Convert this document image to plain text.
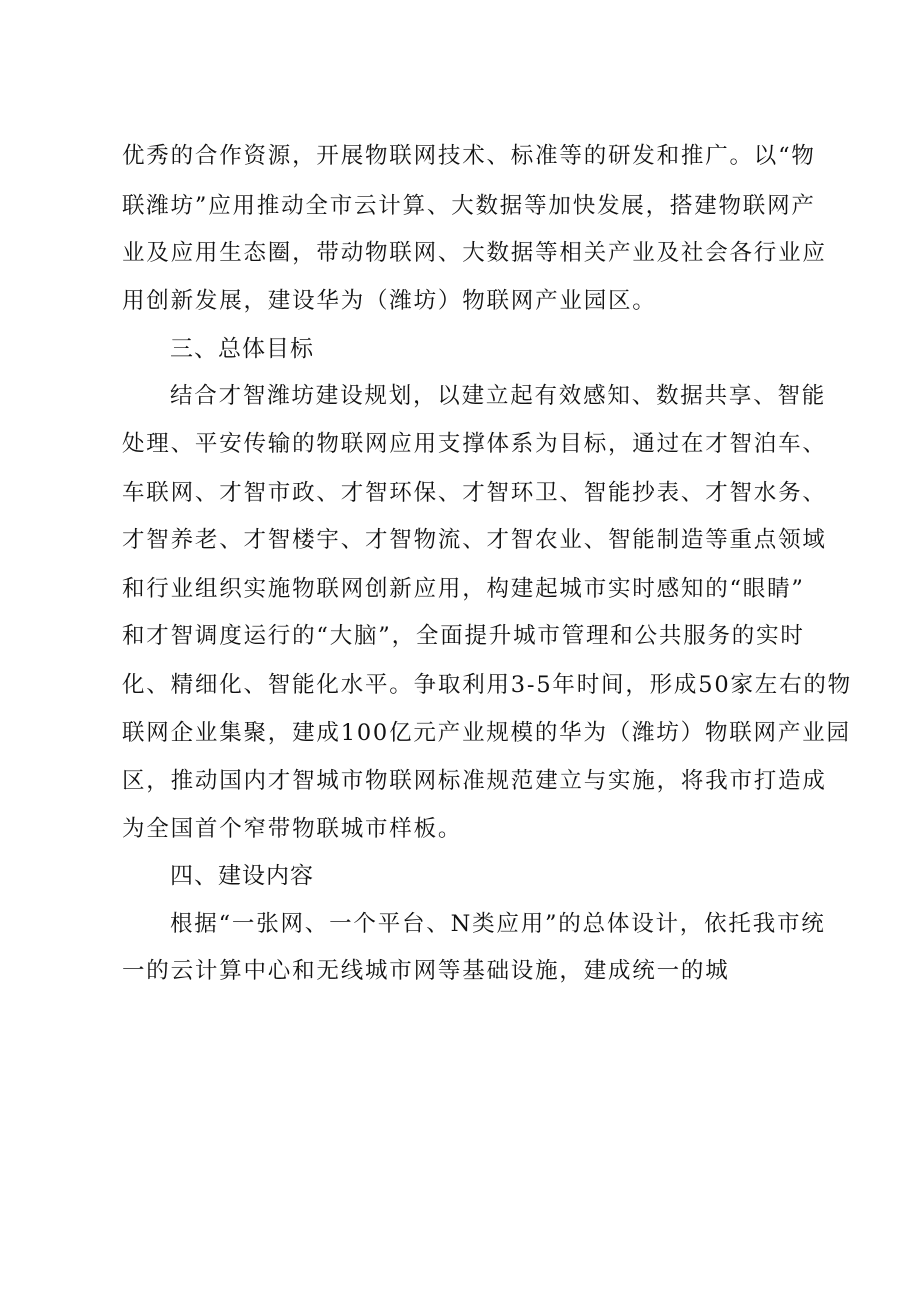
优秀的合作资源，开展物联网技术、标准等的研发和推广。以“物
联潍坊”应用推动全市云计算、大数据等加快发展，搭建物联网产
业及应用生态圈，带动物联网、大数据等相关产业及社会各行业应
用创新发展，建设华为（潍坊）物联网产业园区。
三、总体目标
结合才智潍坊建设规划，以建立起有效感知、数据共享、智能
处理、平安传输的物联网应用支撑体系为目标，通过在才智泊车、
车联网、才智市政、才智环保、才智环卫、智能抄表、才智水务、
才智养老、才智楼宇、才智物流、才智农业、智能制造等重点领域
和行业组织实施物联网创新应用，构建起城市实时感知的“眼睛”
和才智调度运行的“大脑”，全面提升城市管理和公共服务的实时
化、精细化、智能化水平。争取利用3-5年时间，形成50家左右的物
联网企业集聚，建成100亿元产业规模的华为（潍坊）物联网产业园
区，推动国内才智城市物联网标准规范建立与实施，将我市打造成
为全国首个窄带物联城市样板。
四、建设内容
根据“一张网、一个平台、N类应用”的总体设计，依托我市统
一的云计算中心和无线城市网等基础设施，建成统一的城
